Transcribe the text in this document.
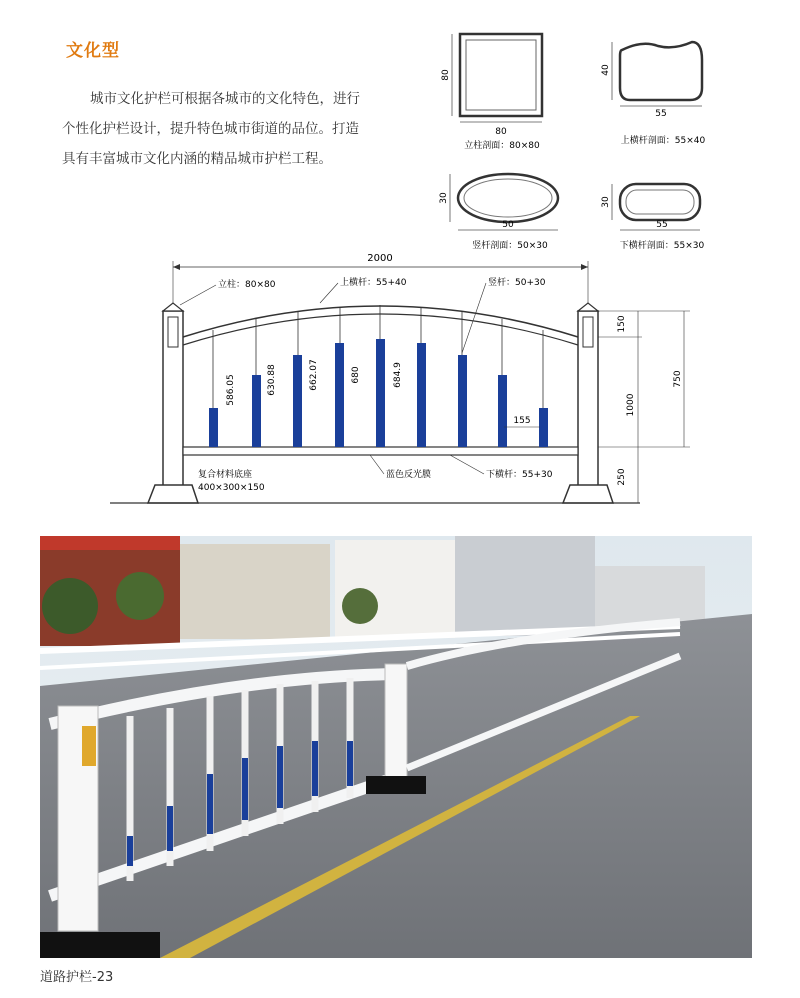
文化型

城市文化护栏可根据各城市的文化特色，进行个性化护栏设计，提升特色城市街道的品位。打造具有丰富城市文化内涵的精品城市护栏工程。

80
80
立柱剖面：80×80
55
40
上横杆剖面：55×40
50
30
竖杆剖面：50×30
55
30
下横杆剖面：55×30
2000
586.05	630.88	662.07	680	684.9
155
立柱：80×80	上横杆：55+40	竖杆：50+30
下横杆：55+30
蓝色反光膜
复合材料底座
400×300×150
150
1000
750
250
道路护栏-23
